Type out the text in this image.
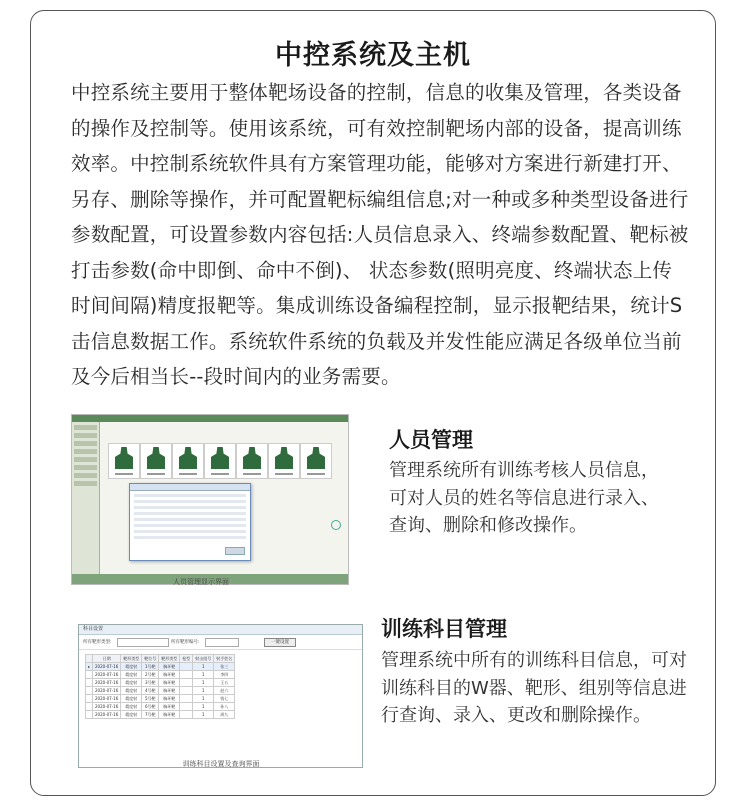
中控系统及主机

中控系统主要用于整体靶场设备的控制，信息的收集及管理，各类设备的操作及控制等。使用该系统，可有效控制靶场内部的设备，提高训练效率。中控制系统软件具有方案管理功能，能够对方案进行新建打开、另存、删除等操作，并可配置靶标编组信息;对一种或多种类型设备进行参数配置，可设置参数内容包括:人员信息录入、终端参数配置、靶标被打击参数(命中即倒、命中不倒)、 状态参数(照明亮度、终端状态上传时间间隔)精度报靶等。集成训练设备编程控制，显示报靶结果，统计S击信息数据工作。系统软件系统的负载及并发性能应满足各级单位当前及今后相当长--段时间内的业务需要。

人员管理显示界面
人员管理

管理系统所有训练考核人员信息，可对人员的姓名等信息进行录入、查询、删除和修改操作。

科目设置
所有靶形类型:	所有靶形编号:	一键设置
	日期	靶形类型	靶位号	靶形类型	枪型	射击组号	射手姓名
▸	2020-07-16	精度射	1号靶	胸环靶		1	张三
	2020-07-16	精度射	2号靶	胸环靶		1	李四
	2020-07-16	精度射	3号靶	胸环靶		1	王五
	2020-07-16	精度射	4号靶	胸环靶		1	赵六
	2020-07-16	精度射	5号靶	胸环靶		1	钱七
	2020-07-16	精度射	6号靶	胸环靶		1	孙八
	2020-07-16	精度射	7号靶	胸环靶		1	周九
训练科目设置及查询界面
训练科目管理

管理系统中所有的训练科目信息，可对训练科目的W器、靶形、组别等信息进行查询、录入、更改和删除操作。
